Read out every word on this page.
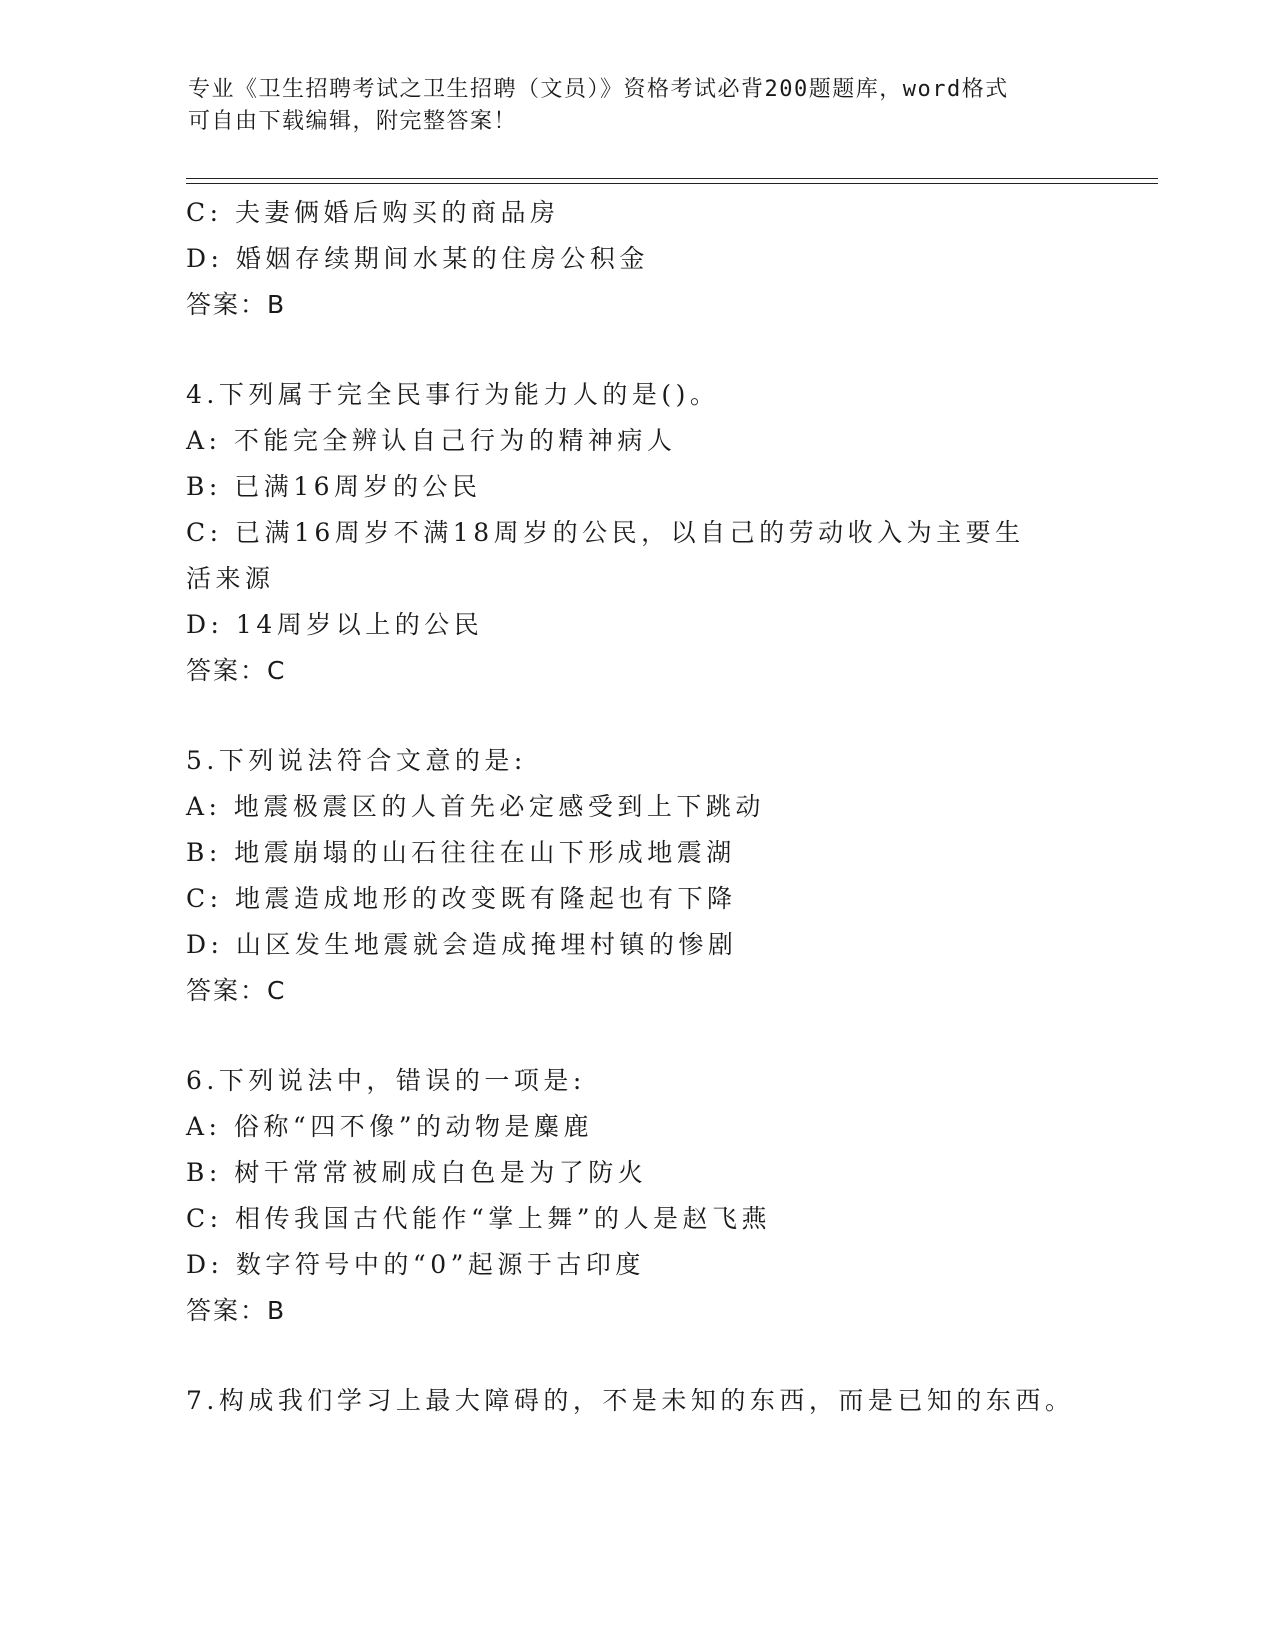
专业《卫生招聘考试之卫生招聘（文员）》资格考试必背200题题库，word格式
可自由下载编辑，附完整答案！
C: 夫妻俩婚后购买的商品房
D: 婚姻存续期间水某的住房公积金
答案：B
4.下列属于完全民事行为能力人的是()。
A: 不能完全辨认自己行为的精神病人
B: 已满16周岁的公民
C: 已满16周岁不满18周岁的公民，以自己的劳动收入为主要生活来源
D: 14周岁以上的公民
答案：C
5.下列说法符合文意的是:
A: 地震极震区的人首先必定感受到上下跳动
B: 地震崩塌的山石往往在山下形成地震湖
C: 地震造成地形的改变既有隆起也有下降
D: 山区发生地震就会造成掩埋村镇的惨剧
答案：C
6.下列说法中，错误的一项是:
A: 俗称“四不像”的动物是麋鹿
B: 树干常常被刷成白色是为了防火
C: 相传我国古代能作“掌上舞”的人是赵飞燕
D: 数字符号中的“0”起源于古印度
答案：B
7.构成我们学习上最大障碍的，不是未知的东西，而是已知的东西。
